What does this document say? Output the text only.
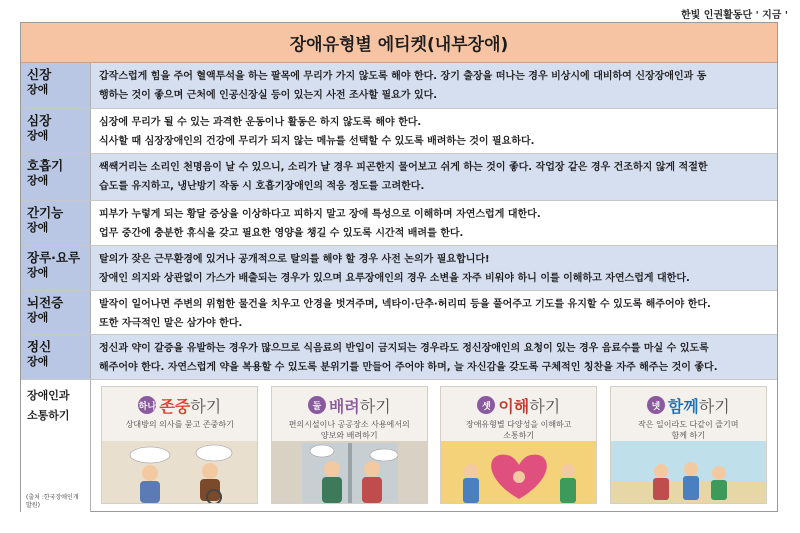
한빛 인권활동단 ' 지금 '
장애유형별 에티켓(내부장애)
신장
장애
갑작스럽게 힘을 주어 혈액투석을 하는 팔목에 무리가 가지 않도록 해야 한다. 장기 출장을 떠나는 경우 비상시에 대비하여 신장장애인과 동
행하는 것이 좋으며 근처에 인공신장실 등이 있는지 사전 조사할 필요가 있다.
심장
장애
심장에 무리가 될 수 있는 과격한 운동이나 활동은 하지 않도록 해야 한다.
식사할 때 심장장애인의 건강에 무리가 되지 않는 메뉴를 선택할 수 있도록 배려하는 것이 필요하다.
호흡기
장애
쌕쌕거리는 소리인 천명음이 날 수 있으니, 소리가 날 경우 피곤한지 물어보고 쉬게 하는 것이 좋다. 작업장 같은 경우 건조하지 않게 적절한
습도를 유지하고, 냉난방기 작동 시 호흡기장애인의 적응 정도를 고려한다.
간기능
장애
피부가 누렇게 되는 황달 증상을 이상하다고 피하지 말고 장애 특성으로 이해하며 자연스럽게 대한다.
업무 중간에 충분한 휴식을 갖고 필요한 영양을 챙길 수 있도록 시간적 배려를 한다.
장루·요루
장애
탈의가 잦은 근무환경에 있거나 공개적으로 탈의를 해야 할 경우 사전 논의가 필요합니다!
장애인 의지와 상관없이 가스가 배출되는 경우가 있으며 요루장애인의 경우 소변을 자주 비워야 하니 이를 이해하고 자연스럽게 대한다.
뇌전증
장애
발작이 일어나면 주변의 위험한 물건을 치우고 안경을 벗겨주며, 넥타이·단추·허리띠 등을 풀어주고 기도를 유지할 수 있도록 해주어야 한다.
또한 자극적인 말은 삼가야 한다.
정신
장애
정신과 약이 갈증을 유발하는 경우가 많으므로 식음료의 반입이 금지되는 경우라도 정신장애인의 요청이 있는 경우 음료수를 마실 수 있도록
해주어야 한다. 자연스럽게 약을 복용할 수 있도록 분위기를 만들어 주어야 하며, 늘 자신감을 갖도록 구체적인 칭찬을 자주 해주는 것이 좋다.
장애인과
소통하기
(출처 :한국장애인개
발원)
하나 존중하기
상대방의 의사를 묻고 존중하기
둘 배려하기
편의시설이나 공공장소 사용에서의
양보와 배려하기
셋 이해하기
장애유형별 다양성을 이해하고
소통하기
넷 함께하기
작은 일이라도 다같이 즐기며
함께 하기
